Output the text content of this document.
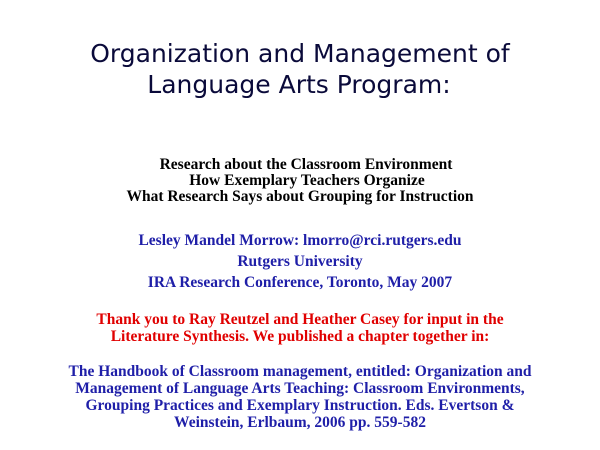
Organization and Management of
Language Arts Program:
Research about the Classroom Environment
How Exemplary Teachers Organize
What Research Says about Grouping for Instruction
Lesley Mandel Morrow: lmorro@rci.rutgers.edu
Rutgers University
IRA Research Conference, Toronto, May 2007
Thank you to Ray Reutzel and Heather Casey for input in the
Literature Synthesis. We published a chapter together in:
The Handbook of Classroom management, entitled: Organization and
Management of Language Arts Teaching: Classroom Environments,
Grouping Practices and Exemplary Instruction. Eds. Evertson &
Weinstein, Erlbaum, 2006 pp. 559-582
